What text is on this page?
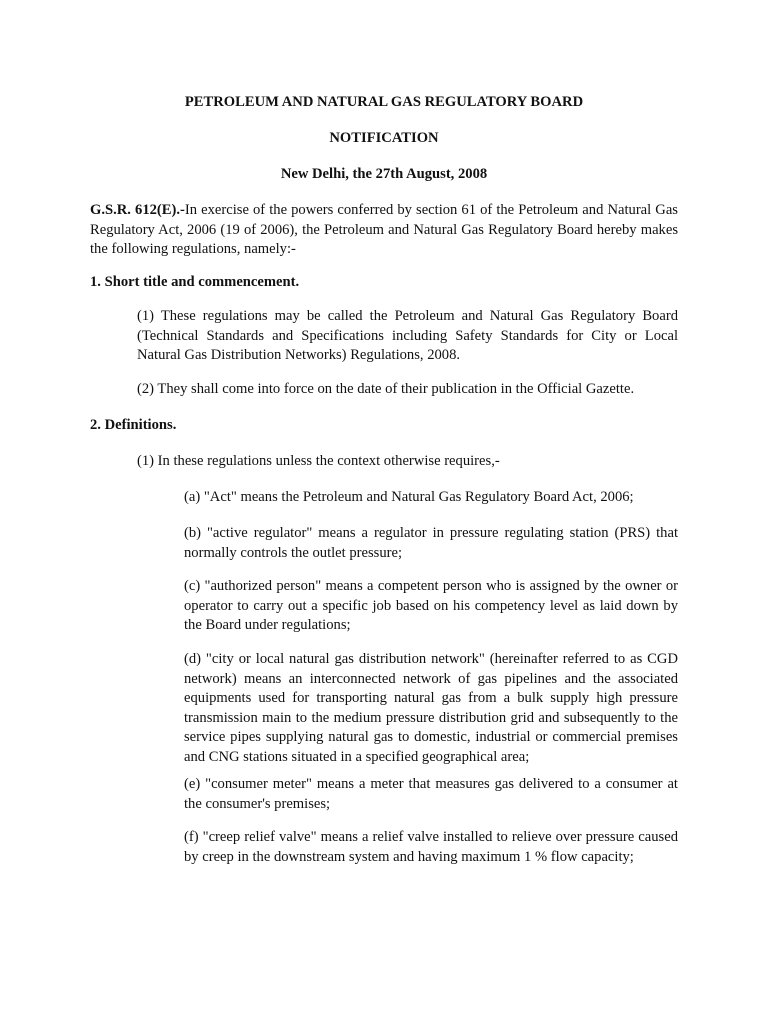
PETROLEUM AND NATURAL GAS REGULATORY BOARD
NOTIFICATION
New Delhi, the 27th August, 2008
G.S.R. 612(E).-In exercise of the powers conferred by section 61 of the Petroleum and Natural Gas Regulatory Act, 2006 (19 of 2006), the Petroleum and Natural Gas Regulatory Board hereby makes the following regulations, namely:-
1. Short title and commencement.
(1) These regulations may be called the Petroleum and Natural Gas Regulatory Board (Technical Standards and Specifications including Safety Standards for City or Local Natural Gas Distribution Networks) Regulations, 2008.
(2) They shall come into force on the date of their publication in the Official Gazette.
2. Definitions.
(1) In these regulations unless the context otherwise requires,-
(a) "Act" means the Petroleum and Natural Gas Regulatory Board Act, 2006;
(b) "active regulator" means a regulator in pressure regulating station (PRS) that normally controls the outlet pressure;
(c) "authorized person" means a competent person who is assigned by the owner or operator to carry out a specific job based on his competency level as laid down by the Board under regulations;
(d) "city or local natural gas distribution network" (hereinafter referred to as CGD network) means an interconnected network of gas pipelines and the associated equipments used for transporting natural gas from a bulk supply high pressure transmission main to the medium pressure distribution grid and subsequently to the service pipes supplying natural gas to domestic, industrial or commercial premises and CNG stations situated in a specified geographical area;
(e) "consumer meter" means a meter that measures gas delivered to a consumer at the consumer's premises;
(f) "creep relief valve" means a relief valve installed to relieve over pressure caused by creep in the downstream system and having maximum 1 % flow capacity;
